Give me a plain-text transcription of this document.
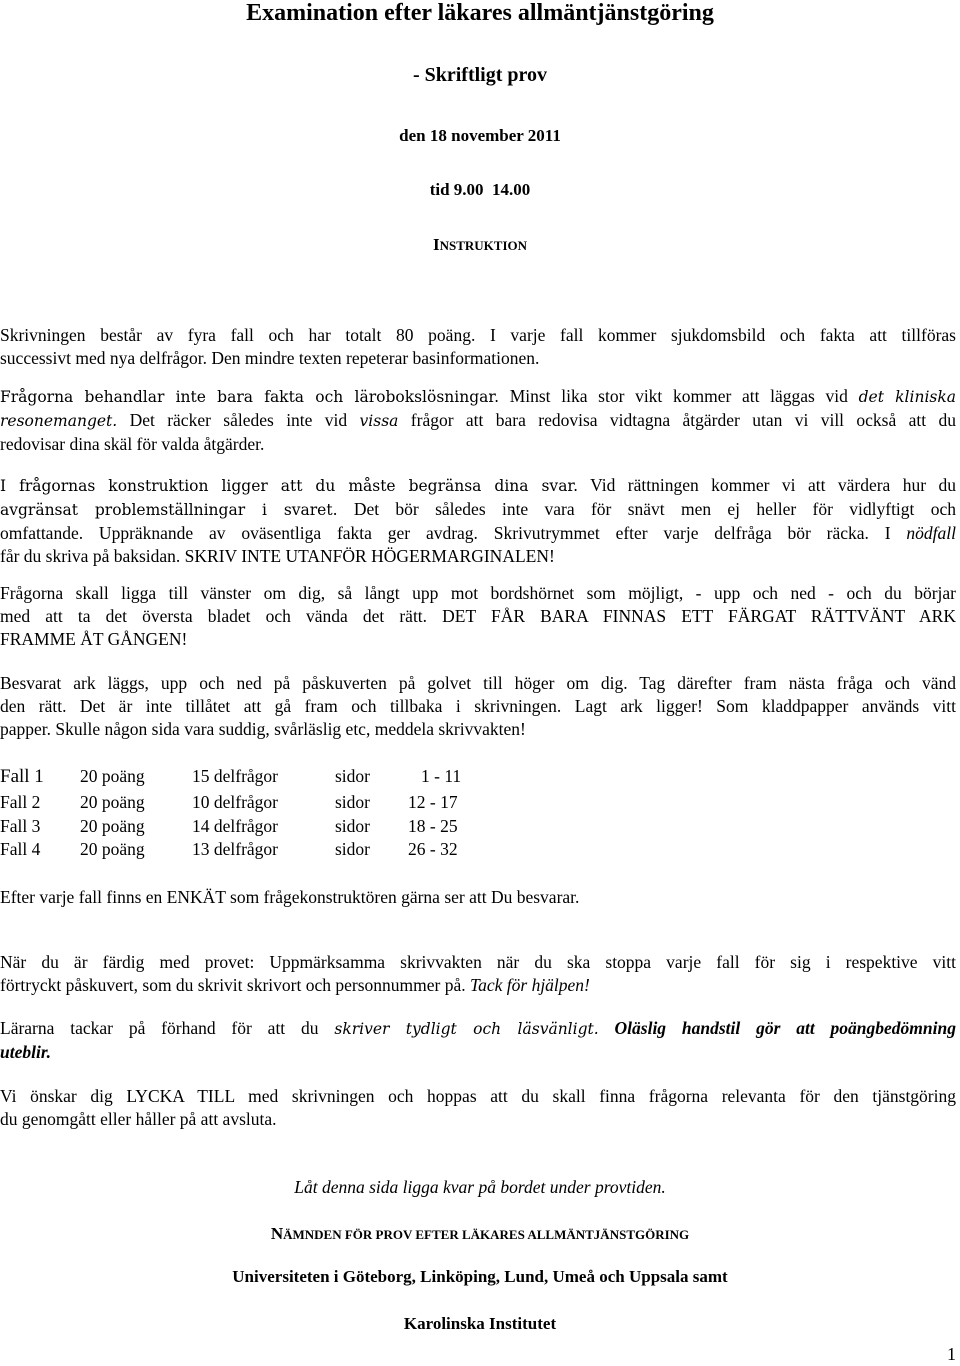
Examination efter läkares allmäntjänstgöring
- Skriftligt prov
den 18 november 2011
tid 9.00  14.00
INSTRUKTION
Skrivningen består av fyra fall och har totalt 80 poäng. I varje fall kommer sjukdomsbild och fakta att tillföras
successivt med nya delfrågor. Den mindre texten repeterar basinformationen.
Frågorna behandlar inte bara fakta och lärobokslösningar. Minst lika stor vikt kommer att läggas vid det kliniska
resonemanget. Det räcker således inte vid vissa frågor att bara redovisa vidtagna åtgärder utan vi vill också att du
redovisar dina skäl för valda åtgärder.
I frågornas konstruktion ligger att du måste begränsa dina svar. Vid rättningen kommer vi att värdera hur du
avgränsat problemställningar i svaret. Det bör således inte vara för snävt men ej heller för vidlyftigt och
omfattande. Uppräknande av oväsentliga fakta ger avdrag. Skrivutrymmet efter varje delfråga bör räcka. I nödfall
får du skriva på baksidan. SKRIV INTE UTANFÖR HÖGERMARGINALEN!
Frågorna skall ligga till vänster om dig, så långt upp mot bordshörnet som möjligt, - upp och ned - och du börjar
med att ta det översta bladet och vända det rätt. DET FÅR BARA FINNAS ETT FÄRGAT RÄTTVÄNT ARK
FRAMME ÅT GÅNGEN!
Besvarat ark läggs, upp och ned på påskuverten på golvet till höger om dig. Tag därefter fram nästa fråga och vänd
den rätt. Det är inte tillåtet att gå fram och tillbaka i skrivningen. Lagt ark ligger! Som kladdpapper används vitt
papper. Skulle någon sida vara suddig, svårläslig etc, meddela skrivvakten!
Fall 1 20 poäng	15 delfrågor	sidor	1 - 11
Fall 2 20 poäng	10 delfrågor	sidor 12 - 17
Fall 3 20 poäng	14 delfrågor	sidor 18 - 25
Fall 4 20 poäng	13 delfrågor	sidor 26 - 32
Efter varje fall finns en ENKÄT som frågekonstruktören gärna ser att Du besvarar.
När du är färdig med provet: Uppmärksamma skrivvakten när du ska stoppa varje fall för sig i respektive vitt
förtryckt påskuvert, som du skrivit skrivort och personnummer på. Tack för hjälpen!
Lärarna tackar på förhand för att du skriver tydligt och läsvänligt. Oläslig handstil gör att poängbedömning
uteblir.
Vi önskar dig LYCKA TILL med skrivningen och hoppas att du skall finna frågorna relevanta för den tjänstgöring
du genomgått eller håller på att avsluta.
Låt denna sida ligga kvar på bordet under provtiden.
NÄMNDEN FÖR PROV EFTER LÄKARES ALLMÄNTJÄNSTGÖRING
Universiteten i Göteborg, Linköping, Lund, Umeå och Uppsala samt
Karolinska Institutet
1
